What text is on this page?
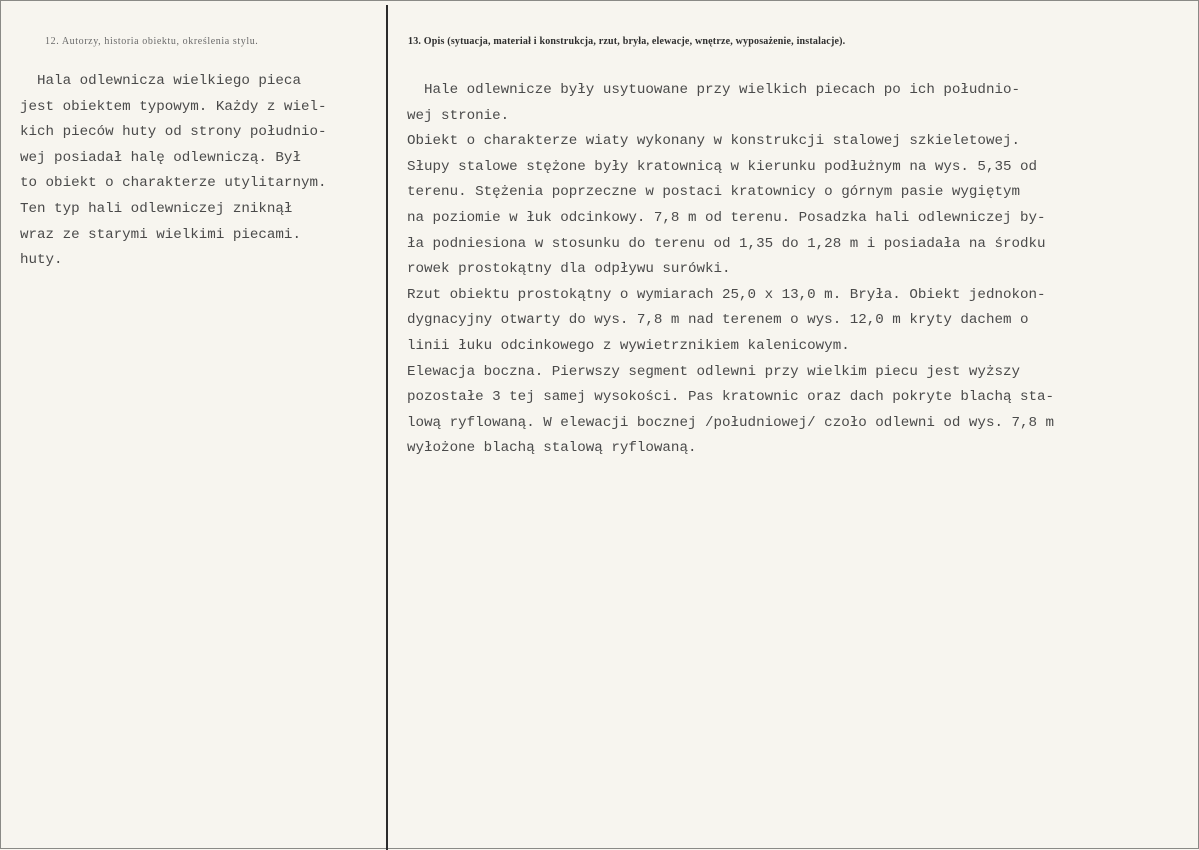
12. Autorzy, historia obiektu, określenia stylu.	13. Opis (sytuacja, materiał i konstrukcja, rzut, bryła, elewacje, wnętrze, wyposażenie, instalacje).
Hala odlewnicza wielkiego pieca
jest obiektem typowym. Każdy z wiel-
kich pieców huty od strony południo-
wej posiadał halę odlewniczą. Był
to obiekt o charakterze utylitarnym.
Ten typ hali odlewniczej zniknął
wraz ze starymi wielkimi piecami.
huty.
Hale odlewnicze były usytuowane przy wielkich piecach po ich południo-
wej stronie.
Obiekt o charakterze wiaty wykonany w konstrukcji stalowej szkieletowej.
Słupy stalowe stężone były kratownicą w kierunku podłużnym na wys. 5,35 od
terenu. Stężenia poprzeczne w postaci kratownicy o górnym pasie wygiętym
na poziomie w łuk odcinkowy. 7,8 m od terenu. Posadzka hali odlewniczej by-
ła podniesiona w stosunku do terenu od 1,35 do 1,28 m i posiadała na środku
rowek prostokątny dla odpływu surówki.
Rzut obiektu prostokątny o wymiarach 25,0 x 13,0 m. Bryła. Obiekt jednokon-
dygnacyjny otwarty do wys. 7,8 m nad terenem o wys. 12,0 m kryty dachem o
linii łuku odcinkowego z wywietrznikiem kalenicowym.
Elewacja boczna. Pierwszy segment odlewni przy wielkim piecu jest wyższy
pozostałe 3 tej samej wysokości. Pas kratownic oraz dach pokryte blachą sta-
lową ryflowaną. W elewacji bocznej /południowej/ czoło odlewni od wys. 7,8 m
wyłożone blachą stalową ryflowaną.
